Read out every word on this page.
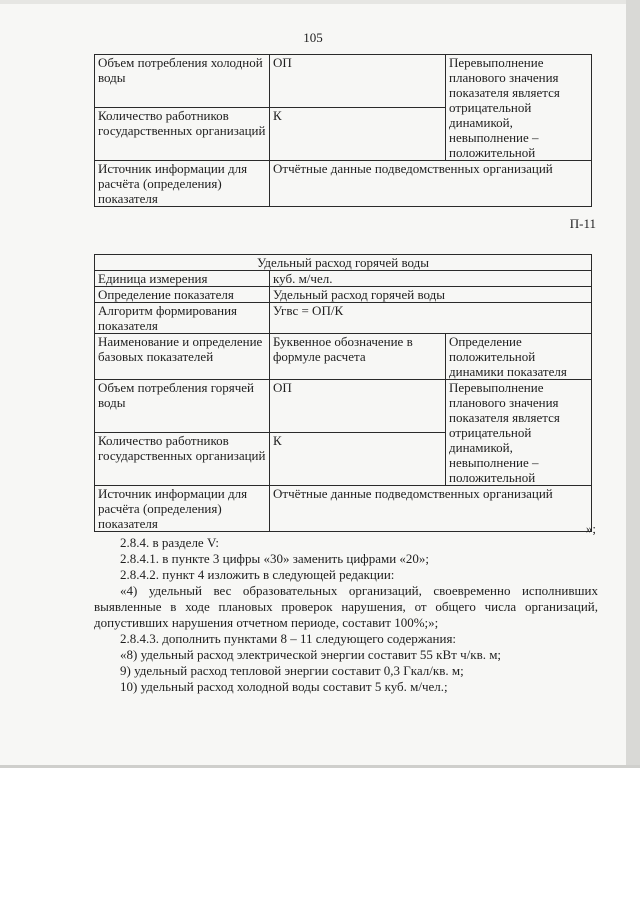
105
Объем потребления холодной воды	ОП	Перевыполнение планового значения показателя является отрицательной динамикой, невыполнение – положительной
Количество работников государственных организаций	К	
Источник информации для расчёта (определения) показателя	Отчётные данные подведомственных организаций	
П-11
Удельный расход горячей воды		
Единица измерения	куб. м/чел.	
Определение показателя	Удельный расход горячей воды	
Алгоритм формирования показателя	Угвс = ОП/К	
Наименование и определение базовых показателей	Буквенное обозначение в формуле расчета	Определение положительной динамики показателя
Объем потребления горячей воды	ОП	Перевыполнение планового значения показателя является отрицательной динамикой, невыполнение – положительной
Количество работников государственных организаций	К	
Источник информации для расчёта (определения) показателя	Отчётные данные подведомственных организаций	
»;

2.8.4. в разделе V:

2.8.4.1. в пункте 3 цифры «30» заменить цифрами «20»;

2.8.4.2. пункт 4 изложить в следующей редакции:

«4) удельный вес образовательных организаций, своевременно исполнивших выявленные в ходе плановых проверок нарушения, от общего числа организаций, допустивших нарушения отчетном периоде, составит 100%;»;

2.8.4.3. дополнить пунктами 8 – 11 следующего содержания:

«8) удельный расход электрической энергии составит 55 кВт ч/кв. м;

9) удельный расход тепловой энергии составит 0,3 Гкал/кв. м;

10) удельный расход холодной воды составит 5 куб. м/чел.;
